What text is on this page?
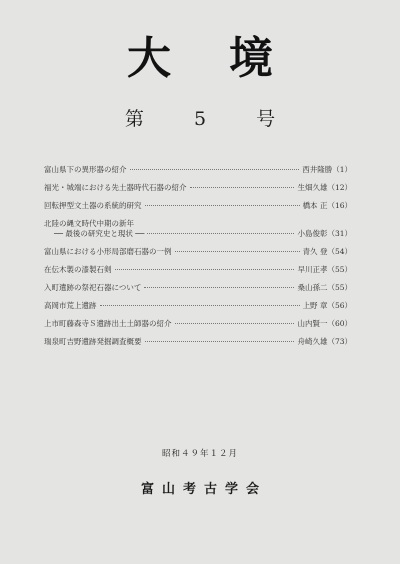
大境
第 5 号
富山県下の異形器の紹介	西井隆勝（1）
福光・城端における先土器時代石器の紹介	生畑久雄（12）
回転押型文土器の系統的研究	橋本 正（16）
北陸の縄文時代中期の新年
── 最後の研究史と現状 ──	小島俊彰（31）
富山県における小形局部磨石器の一例	青久 登（54）
在伝木製の漆製石剣	早川正孝（55）
入町遺跡の祭祀石器について	桑山孫二（55）
高岡市荒上遺跡	上野 章（56）
上市町藤森寺Ｓ遺跡出土土師器の紹介	山内賢一（60）
瑞泉町吉野遺跡発掘調査概要	舟崎久雄（73）
昭和４９年１２月
富山考古学会
